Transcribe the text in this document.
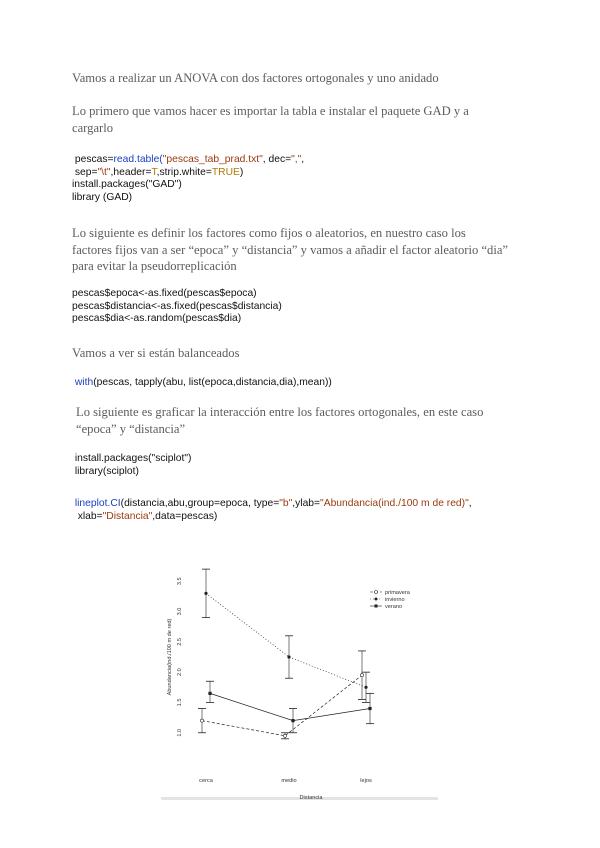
Vamos a realizar un ANOVA con dos factores ortogonales y uno anidado

Lo primero que vamos hacer es importar la tabla e instalar el paquete GAD y a
cargarlo

pescas=read.table("pescas_tab_prad.txt", dec=",",
sep="\t",header=T,strip.white=TRUE)
install.packages("GAD")
library (GAD)

Lo siguiente es definir los factores como fijos o aleatorios, en nuestro caso los
factores fijos van a ser “epoca” y “distancia” y vamos a añadir el factor aleatorio “dia”
para evitar la pseudorreplicación

pescas$epoca<-as.fixed(pescas$epoca)
pescas$distancia<-as.fixed(pescas$distancia)
pescas$dia<-as.random(pescas$dia)

Vamos a ver si están balanceados

with(pescas, tapply(abu, list(epoca,distancia,dia),mean))

Lo siguiente es graficar la interacción entre los factores ortogonales, en este caso
“epoca” y “distancia”

install.packages("sciplot")
library(sciplot)
lineplot.CI(distancia,abu,group=epoca, type="b",ylab="Abundancia(ind./100 m de red)",
xlab="Distancia",data=pescas)
1.0
1.5
2.0
2.5
3.0
3.5
Abundancia(ind./100 m de red)
cerca	medio	lejos
Distancia
primavera
invierno
verano
